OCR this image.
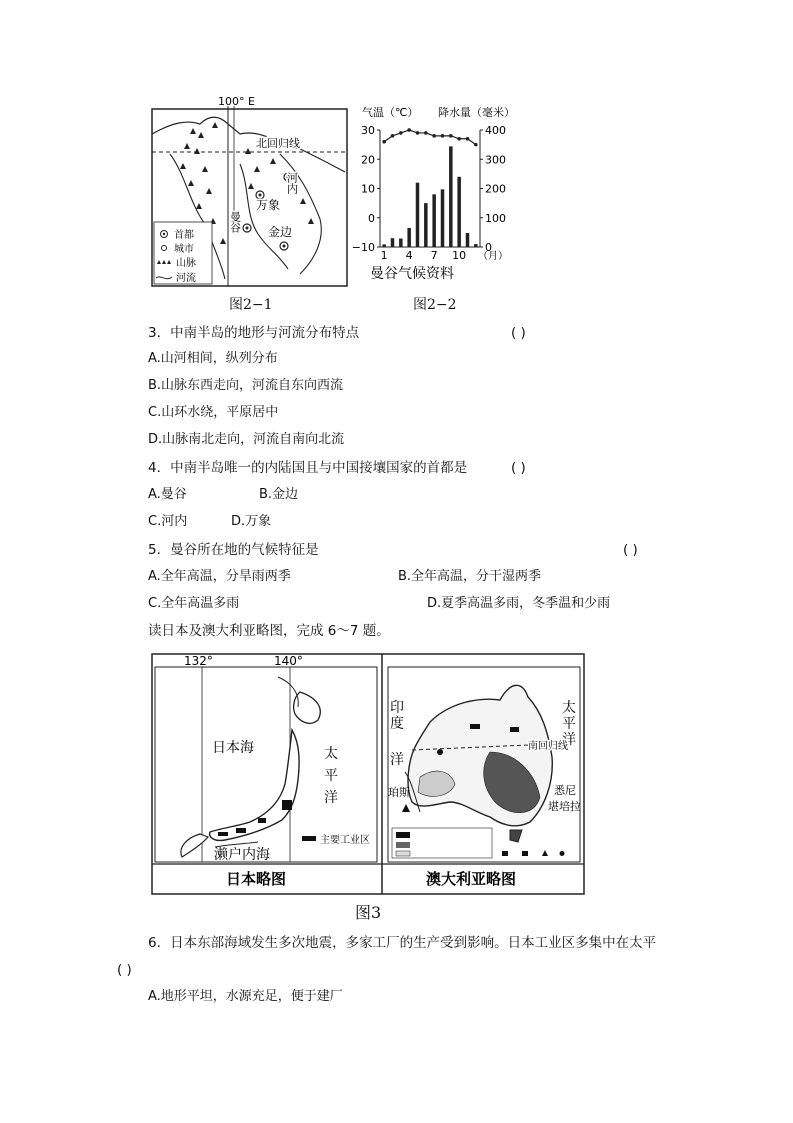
100° E
北回归线
河内
万象
曼谷 金边
首都
城市
山脉
河流
图2−1
气温（℃） 降水量（毫米）
30
20
10
0
−10
400
300
200
100
0
1 4 7 10 （月）
曼谷气候资料
图2−2
3．中南半岛的地形与河流分布特点	( )
A.山河相间，纵列分布
B.山脉东西走向，河流自东向西流
C.山环水绕，平原居中
D.山脉南北走向，河流自南向北流
4．中南半岛唯一的内陆国且与中国接壤国家的首都是	( )
A.曼谷	B.金边
C.河内	D.万象
5．曼谷所在地的气候特征是	( )
A.全年高温，分旱雨两季	B.全年高温，分干湿两季
C.全年高温多雨	D.夏季高温多雨，冬季温和少雨
读日本及澳大利亚略图，完成 6～7 题。
132°	140°
日本海	太
平
洋
濑户内海
主要工业区
日本略图
印
度
洋
太
平
洋
南回归线
珀斯	悉尼
堪培拉
澳大利亚略图
图3
6．日本东部海域发生多次地震，多家工厂的生产受到影响。日本工业区多集中在太平
( )
A.地形平坦，水源充足，便于建厂
